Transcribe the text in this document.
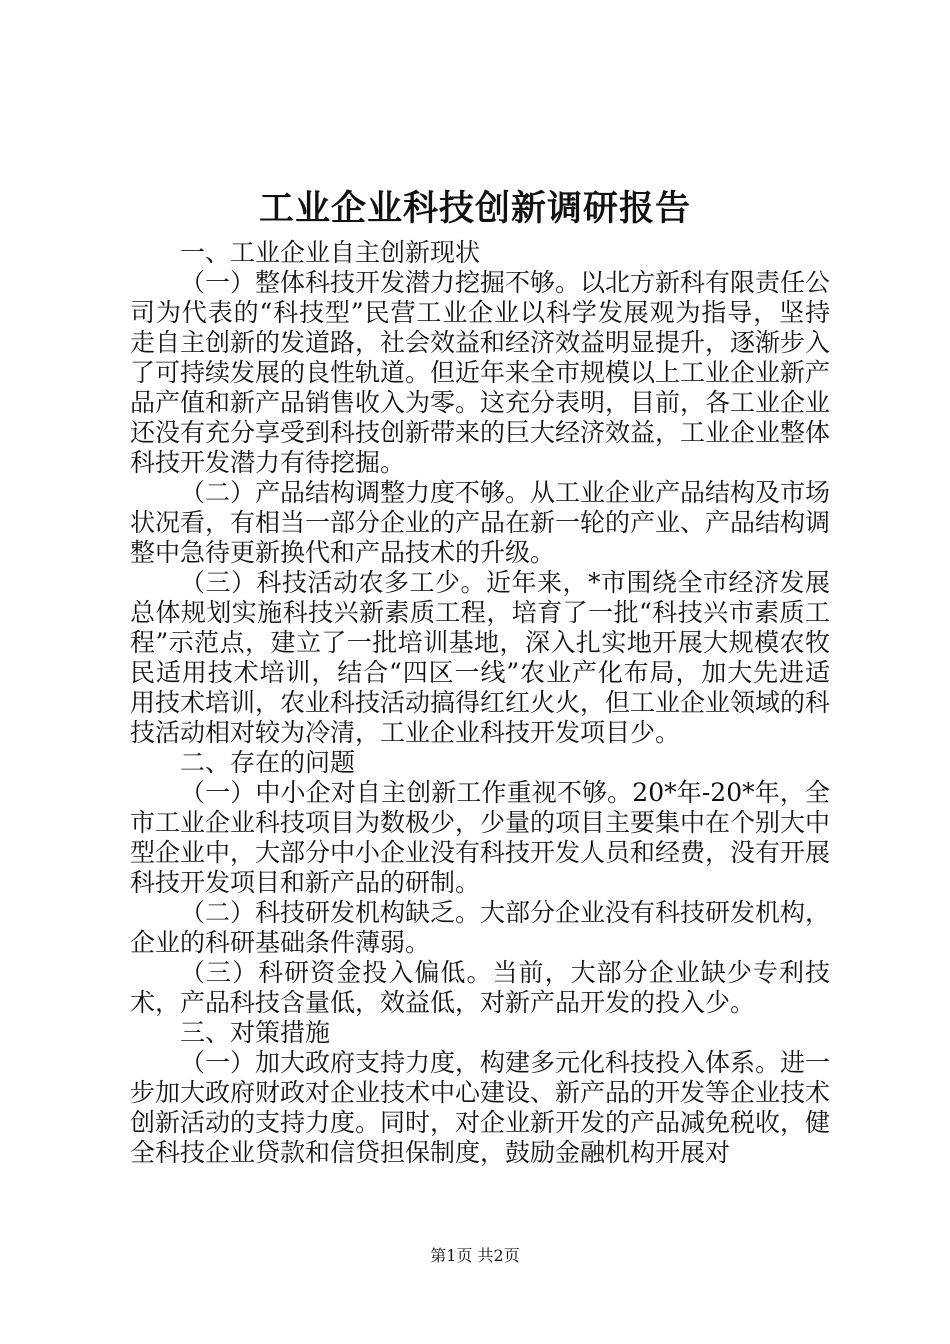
工业企业科技创新调研报告

一、工业企业自主创新现状

（一）整体科技开发潜力挖掘不够。以北方新科有限责任公司为代表的“科技型”民营工业企业以科学发展观为指导，坚持走自主创新的发道路，社会效益和经济效益明显提升，逐渐步入了可持续发展的良性轨道。但近年来全市规模以上工业企业新产品产值和新产品销售收入为零。这充分表明，目前，各工业企业还没有充分享受到科技创新带来的巨大经济效益，工业企业整体科技开发潜力有待挖掘。

（二）产品结构调整力度不够。从工业企业产品结构及市场状况看，有相当一部分企业的产品在新一轮的产业、产品结构调整中急待更新换代和产品技术的升级。

（三）科技活动农多工少。近年来，*市围绕全市经济发展总体规划实施科技兴新素质工程，培育了一批“科技兴市素质工程”示范点，建立了一批培训基地，深入扎实地开展大规模农牧民适用技术培训，结合“四区一线”农业产化布局，加大先进适用技术培训，农业科技活动搞得红红火火，但工业企业领域的科技活动相对较为冷清，工业企业科技开发项目少。

二、存在的问题

（一）中小企对自主创新工作重视不够。20*年-20*年，全市工业企业科技项目为数极少，少量的项目主要集中在个别大中型企业中，大部分中小企业没有科技开发人员和经费，没有开展科技开发项目和新产品的研制。

（二）科技研发机构缺乏。大部分企业没有科技研发机构，企业的科研基础条件薄弱。

（三）科研资金投入偏低。当前，大部分企业缺少专利技术，产品科技含量低，效益低，对新产品开发的投入少。

三、对策措施

（一）加大政府支持力度，构建多元化科技投入体系。进一步加大政府财政对企业技术中心建设、新产品的开发等企业技术创新活动的支持力度。同时，对企业新开发的产品减免税收，健全科技企业贷款和信贷担保制度，鼓励金融机构开展对

第1页 共2页
